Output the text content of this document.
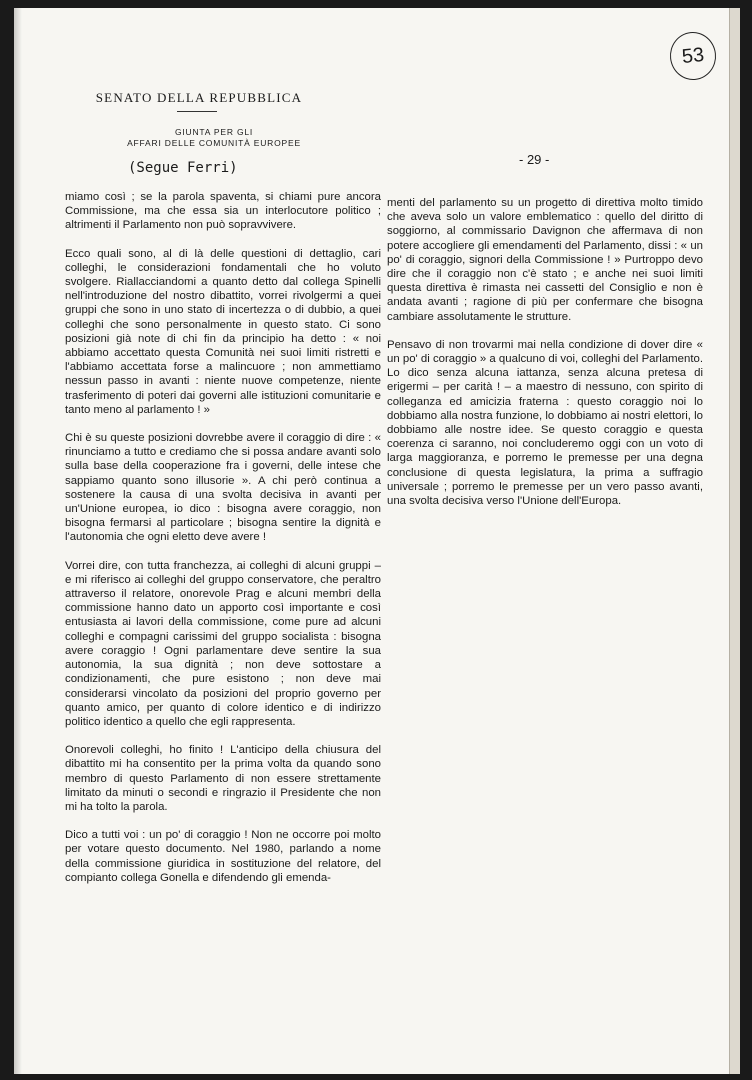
53
SENATO DELLA REPUBBLICA
GIUNTA PER GLI
AFFARI DELLE COMUNITÀ EUROPEE
(Segue Ferri)
- 29 -

miamo così ; se la parola spaventa, si chiami pure ancora Commissione, ma che essa sia un interlocutore politico ; altrimenti il Parlamento non può sopravvivere.

Ecco quali sono, al di là delle questioni di dettaglio, cari colleghi, le considerazioni fondamentali che ho voluto svolgere. Riallacciandomi a quanto detto dal collega Spinelli nell'introduzione del nostro dibattito, vorrei rivolgermi a quei gruppi che sono in uno stato di incertezza o di dubbio, a quei colleghi che sono personalmente in questo stato. Ci sono posizioni già note di chi fin da principio ha detto : « noi abbiamo accettato questa Comunità nei suoi limiti ristretti e l'abbiamo accettata forse a malincuore ; non ammettiamo nessun passo in avanti : niente nuove competenze, niente trasferimento di poteri dai governi alle istituzioni comunitarie e tanto meno al parlamento ! »

Chi è su queste posizioni dovrebbe avere il coraggio di dire : « rinunciamo a tutto e crediamo che si possa andare avanti solo sulla base della cooperazione fra i governi, delle intese che sappiamo quanto sono illusorie ». A chi però continua a sostenere la causa di una svolta decisiva in avanti per un'Unione europea, io dico : bisogna avere coraggio, non bisogna fermarsi al particolare ; bisogna sentire la dignità e l'autonomia che ogni eletto deve avere !

Vorrei dire, con tutta franchezza, ai colleghi di alcuni gruppi – e mi riferisco ai colleghi del gruppo conservatore, che peraltro attraverso il relatore, onorevole Prag e alcuni membri della commissione hanno dato un apporto così importante e così entusiasta ai lavori della commissione, come pure ad alcuni colleghi e compagni carissimi del gruppo socialista : bisogna avere coraggio ! Ogni parlamentare deve sentire la sua autonomia, la sua dignità ; non deve sottostare a condizionamenti, che pure esistono ; non deve mai considerarsi vincolato da posizioni del proprio governo per quanto amico, per quanto di colore identico e di indirizzo politico identico a quello che egli rappresenta.

Onorevoli colleghi, ho finito ! L'anticipo della chiusura del dibattito mi ha consentito per la prima volta da quando sono membro di questo Parlamento di non essere strettamente limitato da minuti o secondi e ringrazio il Presidente che non mi ha tolto la parola.

Dico a tutti voi : un po' di coraggio ! Non ne occorre poi molto per votare questo documento. Nel 1980, parlando a nome della commissione giuridica in sostituzione del relatore, del compianto collega Gonella e difendendo gli emenda-

menti del parlamento su un progetto di direttiva molto timido che aveva solo un valore emblematico : quello del diritto di soggiorno, al commissario Davignon che affermava di non potere accogliere gli emendamenti del Parlamento, dissi : « un po' di coraggio, signori della Commissione ! » Purtroppo devo dire che il coraggio non c'è stato ; e anche nei suoi limiti questa direttiva è rimasta nei cassetti del Consiglio e non è andata avanti ; ragione di più per confermare che bisogna cambiare assolutamente le strutture.

Pensavo di non trovarmi mai nella condizione di dover dire « un po' di coraggio » a qualcuno di voi, colleghi del Parlamento. Lo dico senza alcuna iattanza, senza alcuna pretesa di erigermi – per carità ! – a maestro di nessuno, con spirito di colleganza ed amicizia fraterna : questo coraggio noi lo dobbiamo alla nostra funzione, lo dobbiamo ai nostri elettori, lo dobbiamo alle nostre idee. Se questo coraggio e questa coerenza ci saranno, noi concluderemo oggi con un voto di larga maggioranza, e porremo le premesse per una degna conclusione di questa legislatura, la prima a suffragio universale ; porremo le premesse per un vero passo avanti, una svolta decisiva verso l'Unione dell'Europa.
